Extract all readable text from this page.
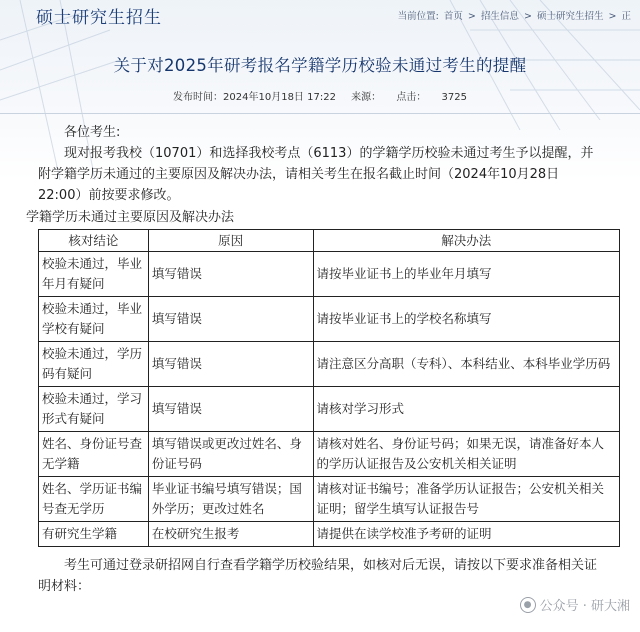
硕士研究生招生	当前位置: 首页 > 招生信息 > 硕士研究生招生 > 正
关于对2025年研考报名学籍学历校验未通过考生的提醒
发布时间：2024年10月18日 17:22 来源： 点击： 3725

各位考生:

现对报考我校（10701）和选择我校考点（6113）的学籍学历校验未通过考生予以提醒，并附学籍学历未通过的主要原因及解决办法，请相关考生在报名截止时间（2024年10月28日22:00）前按要求修改。

学籍学历未通过主要原因及解决办法

核对结论	原因	解决办法
校验未通过，毕业年月有疑问	填写错误	请按毕业证书上的毕业年月填写
校验未通过，毕业学校有疑问	填写错误	请按毕业证书上的学校名称填写
校验未通过，学历码有疑问	填写错误	请注意区分高职（专科）、本科结业、本科毕业学历码
校验未通过，学习形式有疑问	填写错误	请核对学习形式
姓名、身份证号查无学籍	填写错误或更改过姓名、身份证号码	请核对姓名、身份证号码；如果无误，请准备好本人的学历认证报告及公安机关相关证明
姓名、学历证书编号查无学历	毕业证书编号填写错误；国外学历；更改过姓名	请核对证书编号；准备学历认证报告；公安机关相关证明；留学生填写认证报告号
有研究生学籍	在校研究生报考	请提供在读学校准予考研的证明

考生可通过登录研招网自行查看学籍学历校验结果，如核对后无误，请按以下要求准备相关证明材料：

● 公众号 · 研大湘
